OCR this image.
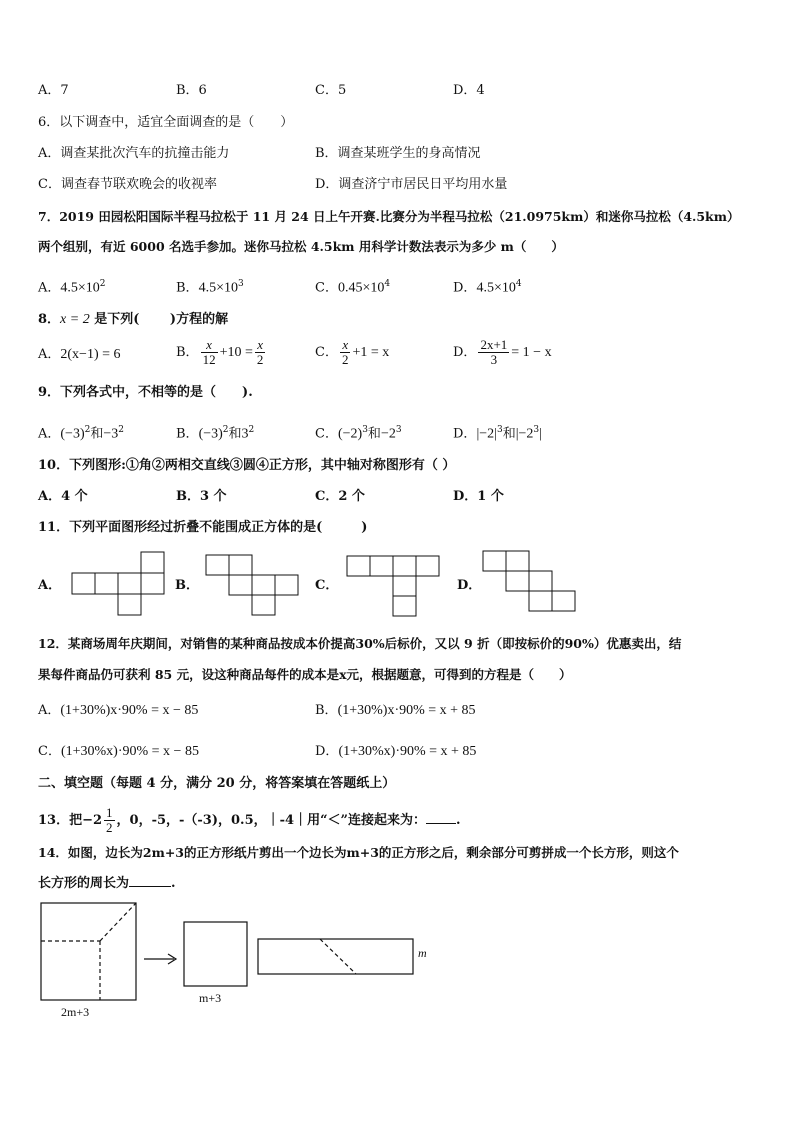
A．7	B．6	C．5	D．4
6．以下调查中，适宜全面调查的是（　　）
A．调查某批次汽车的抗撞击能力	B．调查某班学生的身高情况
C．调查春节联欢晚会的收视率	D．调查济宁市居民日平均用水量
7．2019 田园松阳国际半程马拉松于 11 月 24 日上午开赛.比赛分为半程马拉松（21.0975km）和迷你马拉松（4.5km）
两个组别，有近 6000 名选手参加。迷你马拉松 4.5km 用科学计数法表示为多少 m（　　）
A．$4.5\times 10^2$	B．$4.5\times 10^3$	C．$0.45\times 10^4$	D．$4.5\times 10^4$
8．x = 2 是下列(　　 )方程的解
A．2(x−1) = 6	B． $\frac{x}{12} +10 = \frac{x}{2}$	C． $\frac{x}{2} +1 = x$	D． $\frac{2x+1}{3} = 1 - x$
9．下列各式中，不相等的是（　　).
A．$(-3)^2$和$-3^2$	B．$(-3)^2$和$3^2$	C．$(-2)^3$和$-2^3$	D．$|-2|^3$和$|-2^3|$
10．下列图形:①角②两相交直线③圆④正方形，其中轴对称图形有（ ）
A．4 个	B．3 个	C．2 个	D．1 个
11．下列平面图形经过折叠不能围成正方体的是(　　　)
A．	B．	C．	D．
12．某商场周年庆期间，对销售的某种商品按成本价提高30%后标价，又以 9 折（即按标价的90%）优惠卖出，结
果每件商品仍可获利 85 元，设这种商品每件的成本是x元，根据题意，可得到的方程是（　　）
A．(1+30%)x·90% = x − 85	B．(1+30%)x·90% = x + 85
C．(1+30%x)·90% = x − 85	D．(1+30%x)·90% = x + 85
二、填空题（每题 4 分，满分 20 分，将答案填在答题纸上）
13．把$-2 \frac{1}{2}$ ，0，-5，-（-3)，0.5，｜-4｜用“＜”连接起来为： .
14．如图，边长为2m+3的正方形纸片剪出一个边长为m+3的正方形之后，剩余部分可剪拼成一个长方形，则这个
长方形的周长为	.
2m+3
m+3
m
